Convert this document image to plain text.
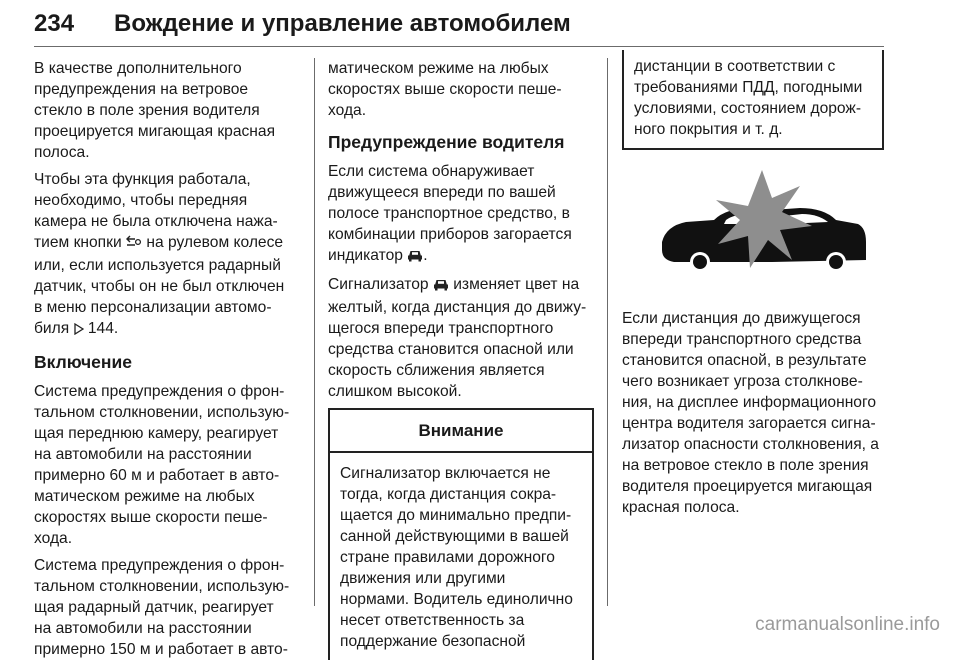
234 Вождение и управление автомобилем

В качестве дополнительного
предупреждения на ветровое
стекло в поле зрения водителя
проецируется мигающая красная
полоса.

Чтобы эта функция работала,
необходимо, чтобы передняя
камера не была отключена нажа-
тием кнопки  на рулевом колесе
или, если используется радарный
датчик, чтобы он не был отключен
в меню персонализации автомо-
биля  144.

Включение

Система предупреждения о фрон-
тальном столкновении, использую-
щая переднюю камеру, реагирует
на автомобили на расстоянии
примерно 60 м и работает в авто-
матическом режиме на любых
скоростях выше скорости пеше-
хода.

Система предупреждения о фрон-
тальном столкновении, использую-
щая радарный датчик, реагирует
на автомобили на расстоянии
примерно 150 м и работает в авто-

матическом режиме на любых
скоростях выше скорости пеше-
хода.

Предупреждение водителя

Если система обнаруживает
движущееся впереди по вашей
полосе транспортное средство, в
комбинации приборов загорается
индикатор .

Сигнализатор  изменяет цвет на
желтый, когда дистанция до движу-
щегося впереди транспортного
средства становится опасной или
скорость сближения является
слишком высокой.

Внимание
Сигнализатор включается не
тогда, когда дистанция сокра-
щается до минимально предпи-
санной действующими в вашей
стране правилами дорожного
движения или другими
нормами. Водитель единолично
несет ответственность за
поддержание безопасной
дистанции в соответствии с
требованиями ПДД, погодными
условиями, состоянием дорож-
ного покрытия и т. д.

Если дистанция до движущегося
впереди транспортного средства
становится опасной, в результате
чего возникает угроза столкнове-
ния, на дисплее информационного
центра водителя загорается сигна-
лизатор опасности столкновения, а
на ветровое стекло в поле зрения
водителя проецируется мигающая
красная полоса.

carmanualsonline.info
